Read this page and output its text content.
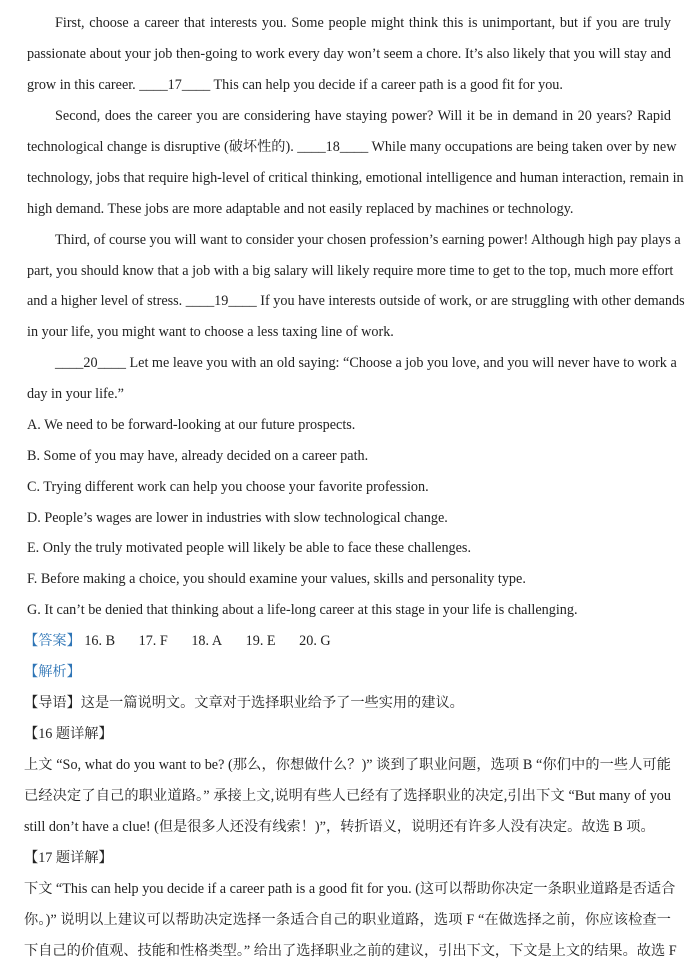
First, choose a career that interests you. Some people might think this is unimportant, but if you are truly
passionate about your job then-going to work every day won’t seem a chore. It’s also likely that you will stay and
grow in this career. ____17____ This can help you decide if a career path is a good fit for you.
Second, does the career you are considering have staying power? Will it be in demand in 20 years? Rapid
technological change is disruptive (破坏性的). ____18____ While many occupations are being taken over by new
technology, jobs that require high-level of critical thinking, emotional intelligence and human interaction, remain in
high demand. These jobs are more adaptable and not easily replaced by machines or technology.
Third, of course you will want to consider your chosen profession’s earning power! Although high pay plays a
part, you should know that a job with a big salary will likely require more time to get to the top, much more effort
and a higher level of stress. ____19____ If you have interests outside of work, or are struggling with other demands
in your life, you might want to choose a less taxing line of work.
____20____ Let me leave you with an old saying: “Choose a job you love, and you will never have to work a
day in your life.”
A. We need to be forward-looking at our future prospects.
B. Some of you may have, already decided on a career path.
C. Trying different work can help you choose your favorite profession.
D. People’s wages are lower in industries with slow technological change.
E. Only the truly motivated people will likely be able to face these challenges.
F. Before making a choice, you should examine your values, skills and personality type.
G. It can’t be denied that thinking about a life-long career at this stage in your life is challenging.
【答案】 16. B 17. F 18. A 19. E 20. G
【解析】
【导语】这是一篇说明文。文章对于选择职业给予了一些实用的建议。
【16 题详解】
上文 “So, what do you want to be? (那么，你想做什么？)” 谈到了职业问题，选项 B “你们中的一些人可能
已经决定了自己的职业道路。” 承接上文,说明有些人已经有了选择职业的决定,引出下文 “But many of you
still don’t have a clue! (但是很多人还没有线索！)”，转折语义，说明还有许多人没有决定。故选 B 项。
【17 题详解】
下文 “This can help you decide if a career path is a good fit for you. (这可以帮助你决定一条职业道路是否适合
你。)” 说明以上建议可以帮助决定选择一条适合自己的职业道路，选项 F “在做选择之前，你应该检查一
下自己的价值观、技能和性格类型。” 给出了选择职业之前的建议，引出下文，下文是上文的结果。故选 F
